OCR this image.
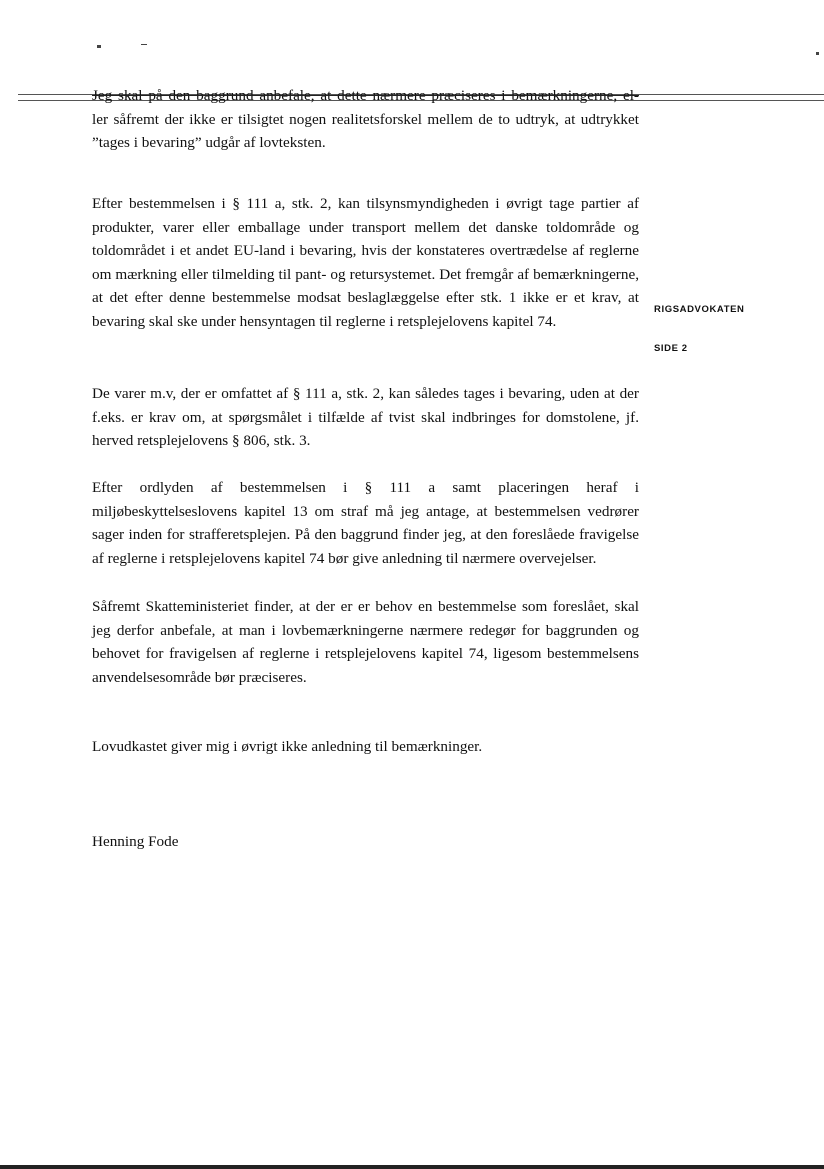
Jeg skal på den baggrund anbefale, at dette nærmere præciseres i bemærkningerne, el-

ler såfremt der ikke er tilsigtet nogen realitetsforskel mellem de to udtryk, at udtrykket ”tages i bevaring” udgår af lovteksten.

Efter bestemmelsen i § 111 a, stk. 2, kan tilsynsmyndigheden i øvrigt tage partier af produkter, varer eller emballage under transport mellem det danske toldområde og toldområdet i et andet EU-land i bevaring, hvis der konstateres overtrædelse af reglerne om mærkning eller tilmelding til pant- og retursystemet. Det fremgår af bemærkningerne, at det efter denne bestemmelse modsat beslaglæggelse efter stk. 1 ikke er et krav, at bevaring skal ske under hensyntagen til reglerne i retsplejelovens kapitel 74.

De varer m.v, der er omfattet af § 111 a, stk. 2, kan således tages i bevaring, uden at der f.eks. er krav om, at spørgsmålet i tilfælde af tvist skal indbringes for domstolene, jf. herved retsplejelovens § 806, stk. 3.

Efter ordlyden af bestemmelsen i § 111 a samt placeringen heraf i miljøbeskyttelseslovens kapitel 13 om straf må jeg antage, at bestemmelsen vedrører sager inden for strafferetsplejen. På den baggrund finder jeg, at den foreslåede fravigelse af reglerne i retsplejelovens kapitel 74 bør give anledning til nærmere overvejelser.

Såfremt Skatteministeriet finder, at der er er behov en bestemmelse som foreslået, skal jeg derfor anbefale, at man i lovbemærkningerne nærmere redegør for baggrunden og behovet for fravigelsen af reglerne i retsplejelovens kapitel 74, ligesom bestemmelsens anvendelsesområde bør præciseres.

Lovudkastet giver mig i øvrigt ikke anledning til bemærkninger.

Henning Fode

RIGSADVOKATEN
SIDE 2
